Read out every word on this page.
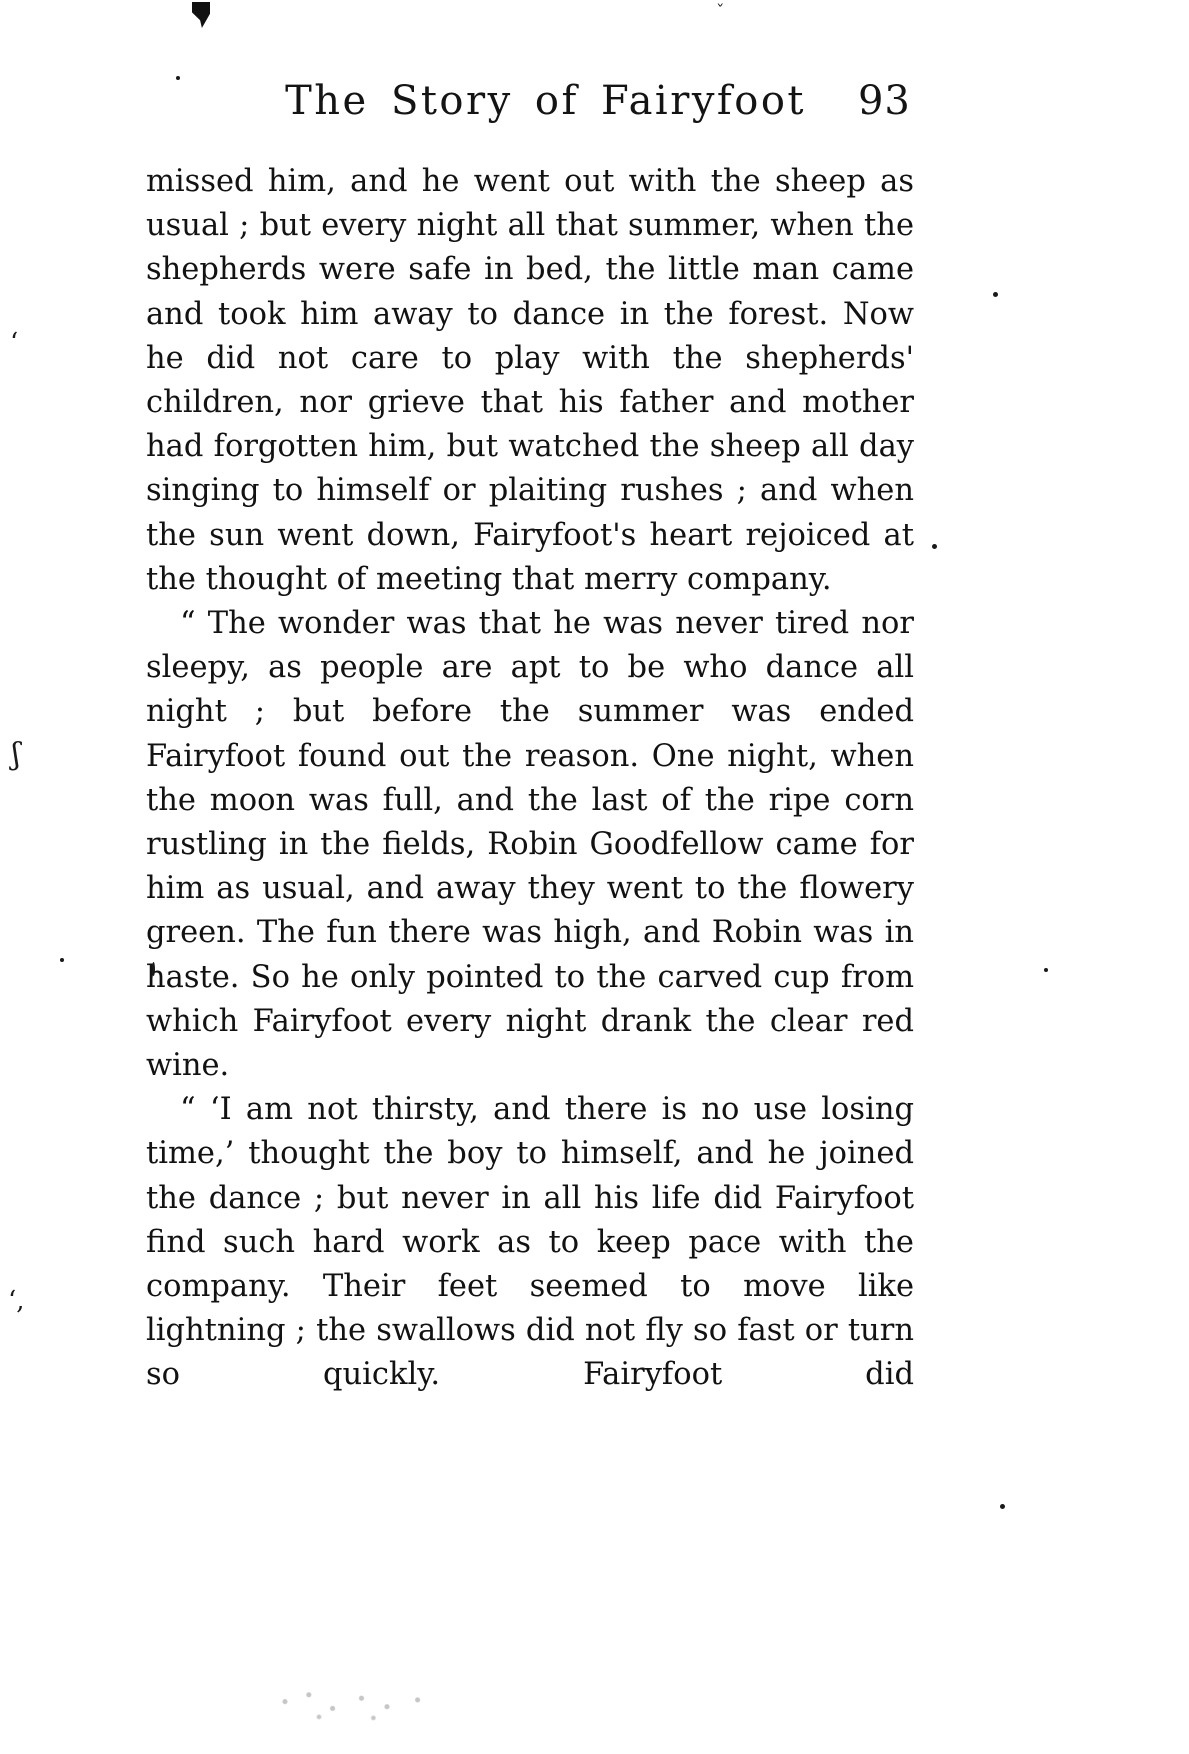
ˇ
‘
ʃ
‘,
The Story of Fairyfoot 93

missed him, and he went out with the sheep as usual ; but every night all that summer, when the shepherds were safe in bed, the little man came and took him away to dance in the forest. Now he did not care to play with the shepherds' children, nor grieve that his father and mother had forgotten him, but watched the sheep all day singing to himself or plaiting rushes ; and when the sun went down, Fairyfoot's heart rejoiced at the thought of meeting that merry company.

“ The wonder was that he was never tired nor sleepy, as people are apt to be who dance all night ; but before the summer was ended Fairyfoot found out the reason. One night, when the moon was full, and the last of the ripe corn rustling in the fields, Robin Goodfellow came for him as usual, and away they went to the flowery green. The fun there was high, and Robin was in haste. So he only pointed to the carved cup from which Fairyfoot every night drank the clear red wine.

“ ‘I am not thirsty, and there is no use losing time,’ thought the boy to himself, and he joined the dance ; but never in all his life did Fairyfoot find such hard work as to keep pace with the company. Their feet seemed to move like lightning ; the swallows did not fly so fast or turn so quickly. Fairyfoot did
